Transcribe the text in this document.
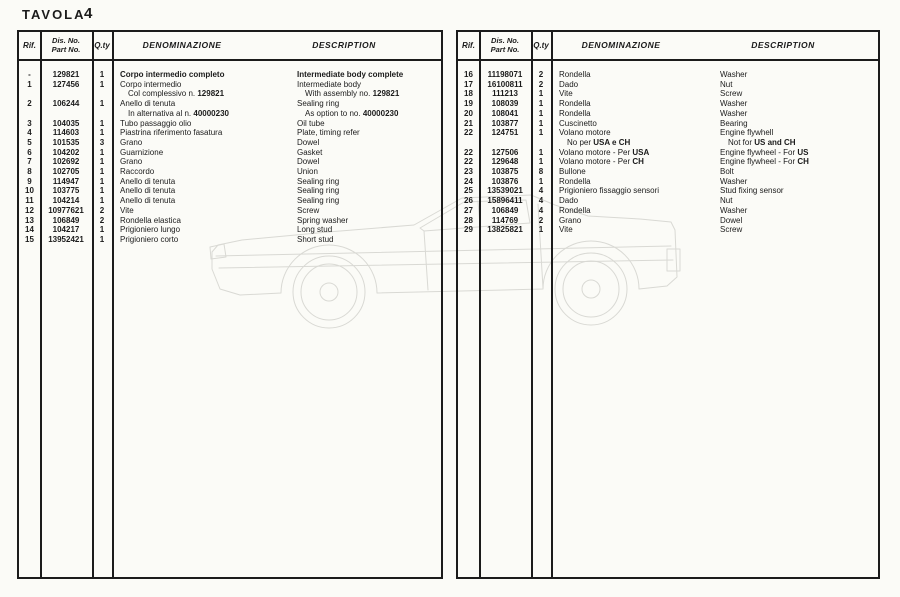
TAVOLA
4
Rif.
Dis. No.
Part No.	Q.ty	DENOMINAZIONE	DESCRIPTION
-	129821	1	Corpo intermedio completo	Intermediate body complete
1	127456	1	Corpo intermedio	Intermediate body
Col complessivo n. 129821	With assembly no. 129821
2	106244	1	Anello di tenuta	Sealing ring
In alternativa al n. 40000230	As option to no. 40000230
3	104035	1	Tubo passaggio olio	Oil tube
4	114603	1	Piastrina riferimento fasatura	Plate, timing refer
5	101535	3	Grano	Dowel
6	104202	1	Guarnizione	Gasket
7	102692	1	Grano	Dowel
8	102705	1	Raccordo	Union
9	114947	1	Anello di tenuta	Sealing ring
10	103775	1	Anello di tenuta	Sealing ring
11	104214	1	Anello di tenuta	Sealing ring
12	10977621	2	Vite	Screw
13	106849	2	Rondella elastica	Spring washer
14	104217	1	Prigioniero lungo	Long stud
15	13952421	1	Prigioniero corto	Short stud
Rif.
Dis. No.
Part No.	Q.ty	DENOMINAZIONE	DESCRIPTION
16	11198071	2	Rondella	Washer
17	16100811	2	Dado	Nut
18	111213	1	Vite	Screw
19	108039	1	Rondella	Washer
20	108041	1	Rondella	Washer
21	103877	1	Cuscinetto	Bearing
22	124751	1	Volano motore	Engine flywhell
No per USA e CH	Not for US and CH
22	127506	1	Volano motore - Per USA	Engine flywheel - For US
22	129648	1	Volano motore - Per CH	Engine flywheel - For CH
23	103875	8	Bullone	Bolt
24	103876	1	Rondella	Washer
25	13539021	4	Prigioniero fissaggio sensori	Stud fixing sensor
26	15896411	4	Dado	Nut
27	106849	4	Rondella	Washer
28	114769	2	Grano	Dowel
29	13825821	1	Vite	Screw
